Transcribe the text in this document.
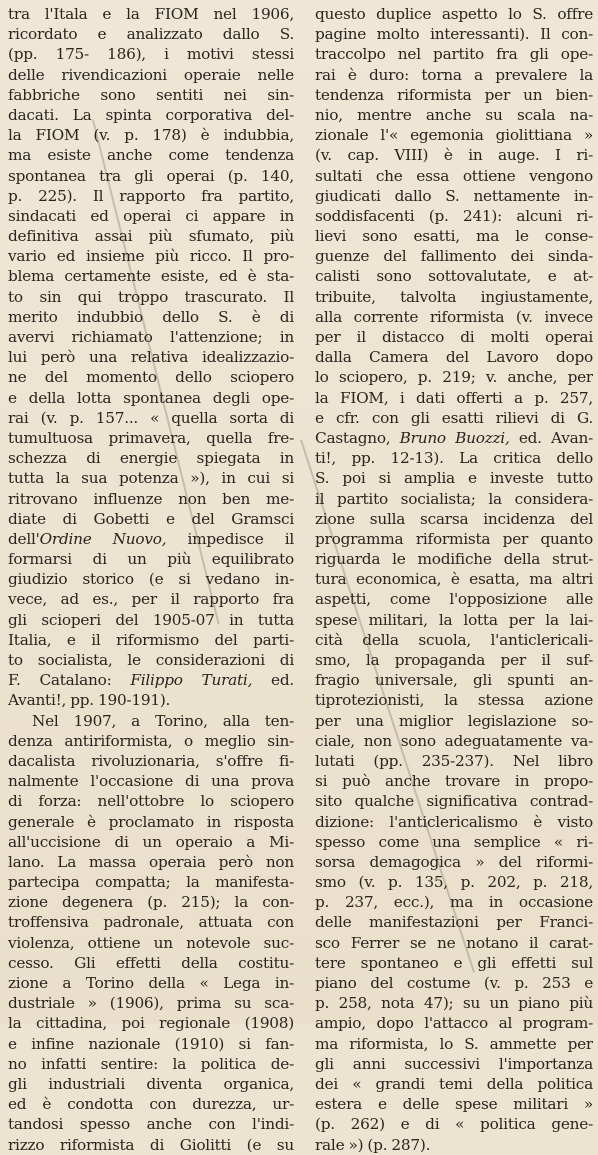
tra l'Itala e la FIOM nel 1906,
ricordato e analizzato dallo S.
(pp. 175- 186), i motivi stessi
delle rivendicazioni operaie nelle
fabbriche sono sentiti nei sin-
dacati. La spinta corporativa del-
la FIOM (v. p. 178) è indubbia,
ma esiste anche come tendenza
spontanea tra gli operai (p. 140,
p. 225). Il rapporto fra partito,
sindacati ed operai ci appare in
definitiva assai più sfumato, più
vario ed insieme più ricco. Il pro-
blema certamente esiste, ed è sta-
to sin qui troppo trascurato. Il
merito indubbio dello S. è di
avervi richiamato l'attenzione; in
lui però una relativa idealizzazio-
ne del momento dello sciopero
e della lotta spontanea degli ope-
rai (v. p. 157... « quella sorta di
tumultuosa primavera, quella fre-
schezza di energie spiegata in
tutta la sua potenza »), in cui si
ritrovano influenze non ben me-
diate di Gobetti e del Gramsci
dell'Ordine Nuovo, impedisce il
formarsi di un più equilibrato
giudizio storico (e si vedano in-
vece, ad es., per il rapporto fra
gli scioperi del 1905-07 in tutta
Italia, e il riformismo del parti-
to socialista, le considerazioni di
F. Catalano: Filippo Turati, ed.
Avanti!, pp. 190-191).
Nel 1907, a Torino, alla ten-
denza antiriformista, o meglio sin-
dacalista rivoluzionaria, s'offre fi-
nalmente l'occasione di una prova
di forza: nell'ottobre lo sciopero
generale è proclamato in risposta
all'uccisione di un operaio a Mi-
lano. La massa operaia però non
partecipa compatta; la manifesta-
zione degenera (p. 215); la con-
troffensiva padronale, attuata con
violenza, ottiene un notevole suc-
cesso. Gli effetti della costitu-
zione a Torino della « Lega in-
dustriale » (1906), prima su sca-
la cittadina, poi regionale (1908)
e infine nazionale (1910) si fan-
no infatti sentire: la politica de-
gli industriali diventa organica,
ed è condotta con durezza, ur-
tandosi spesso anche con l'indi-
rizzo riformista di Giolitti (e su
questo duplice aspetto lo S. offre
pagine molto interessanti). Il con-
traccolpo nel partito fra gli ope-
rai è duro: torna a prevalere la
tendenza riformista per un bien-
nio, mentre anche su scala na-
zionale l'« egemonia giolittiana »
(v. cap. VIII) è in auge. I ri-
sultati che essa ottiene vengono
giudicati dallo S. nettamente in-
soddisfacenti (p. 241): alcuni ri-
lievi sono esatti, ma le conse-
guenze del fallimento dei sinda-
calisti sono sottovalutate, e at-
tribuite, talvolta ingiustamente,
alla corrente riformista (v. invece
per il distacco di molti operai
dalla Camera del Lavoro dopo
lo sciopero, p. 219; v. anche, per
la FIOM, i dati offerti a p. 257,
e cfr. con gli esatti rilievi di G.
Castagno, Bruno Buozzi, ed. Avan-
ti!, pp. 12-13). La critica dello
S. poi si amplia e investe tutto
il partito socialista; la considera-
zione sulla scarsa incidenza del
programma riformista per quanto
riguarda le modifiche della strut-
tura economica, è esatta, ma altri
aspetti, come l'opposizione alle
spese militari, la lotta per la lai-
cità della scuola, l'anticlericali-
smo, la propaganda per il suf-
fragio universale, gli spunti an-
tiprotezionisti, la stessa azione
per una miglior legislazione so-
ciale, non sono adeguatamente va-
lutati (pp. 235-237). Nel libro
si può anche trovare in propo-
sito qualche significativa contrad-
dizione: l'anticlericalismo è visto
spesso come una semplice « ri-
sorsa demagogica » del riformi-
smo (v. p. 135, p. 202, p. 218,
p. 237, ecc.), ma in occasione
delle manifestazioni per Franci-
sco Ferrer se ne notano il carat-
tere spontaneo e gli effetti sul
piano del costume (v. p. 253 e
p. 258, nota 47); su un piano più
ampio, dopo l'attacco al program-
ma riformista, lo S. ammette per
gli anni successivi l'importanza
dei « grandi temi della politica
estera e delle spese militari »
(p. 262) e di « politica gene-
rale ») (p. 287).
